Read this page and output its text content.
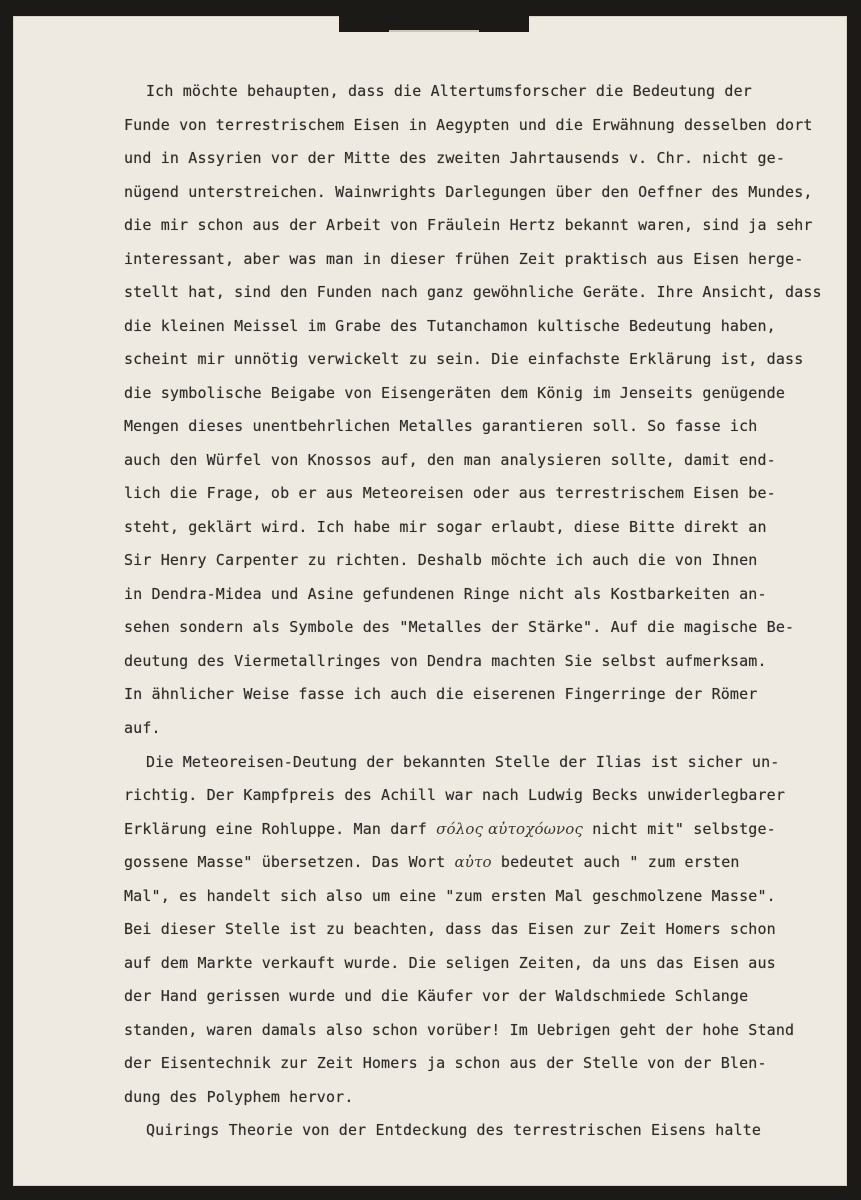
Ich möchte behaupten, dass die Altertumsforscher die Bedeutung der
Funde von terrestrischem Eisen in Aegypten und die Erwähnung desselben dort
und in Assyrien vor der Mitte des zweiten Jahrtausends v. Chr. nicht ge-
nügend unterstreichen. Wainwrights Darlegungen über den Oeffner des Mundes,
die mir schon aus der Arbeit von Fräulein Hertz bekannt waren, sind ja sehr
interessant, aber was man in dieser frühen Zeit praktisch aus Eisen herge-
stellt hat, sind den Funden nach ganz gewöhnliche Geräte. Ihre Ansicht, dass
die kleinen Meissel im Grabe des Tutanchamon kultische Bedeutung haben,
scheint mir unnötig verwickelt zu sein. Die einfachste Erklärung ist, dass
die symbolische Beigabe von Eisengeräten dem König im Jenseits genügende
Mengen dieses unentbehrlichen Metalles garantieren soll. So fasse ich
auch den Würfel von Knossos auf, den man analysieren sollte, damit end-
lich die Frage, ob er aus Meteoreisen oder aus terrestrischem Eisen be-
steht, geklärt wird. Ich habe mir sogar erlaubt, diese Bitte direkt an
Sir Henry Carpenter zu richten. Deshalb möchte ich auch die von Ihnen
in Dendra-Midea und Asine gefundenen Ringe nicht als Kostbarkeiten an-
sehen sondern als Symbole des "Metalles der Stärke". Auf die magische Be-
deutung des Viermetallringes von Dendra machten Sie selbst aufmerksam.
In ähnlicher Weise fasse ich auch die eiserenen Fingerringe der Römer
auf.
Die Meteoreisen-Deutung der bekannten Stelle der Ilias ist sicher un-
richtig. Der Kampfpreis des Achill war nach Ludwig Becks unwiderlegbarer
Erklärung eine Rohluppe. Man darf σόλος αὐτοχόωνος nicht mit" selbstge-
gossene Masse" übersetzen. Das Wort αὐτο bedeutet auch " zum ersten
Mal", es handelt sich also um eine "zum ersten Mal geschmolzene Masse".
Bei dieser Stelle ist zu beachten, dass das Eisen zur Zeit Homers schon
auf dem Markte verkauft wurde. Die seligen Zeiten, da uns das Eisen aus
der Hand gerissen wurde und die Käufer vor der Waldschmiede Schlange
standen, waren damals also schon vorüber! Im Uebrigen geht der hohe Stand
der Eisentechnik zur Zeit Homers ja schon aus der Stelle von der Blen-
dung des Polyphem hervor.
Quirings Theorie von der Entdeckung des terrestrischen Eisens halte
